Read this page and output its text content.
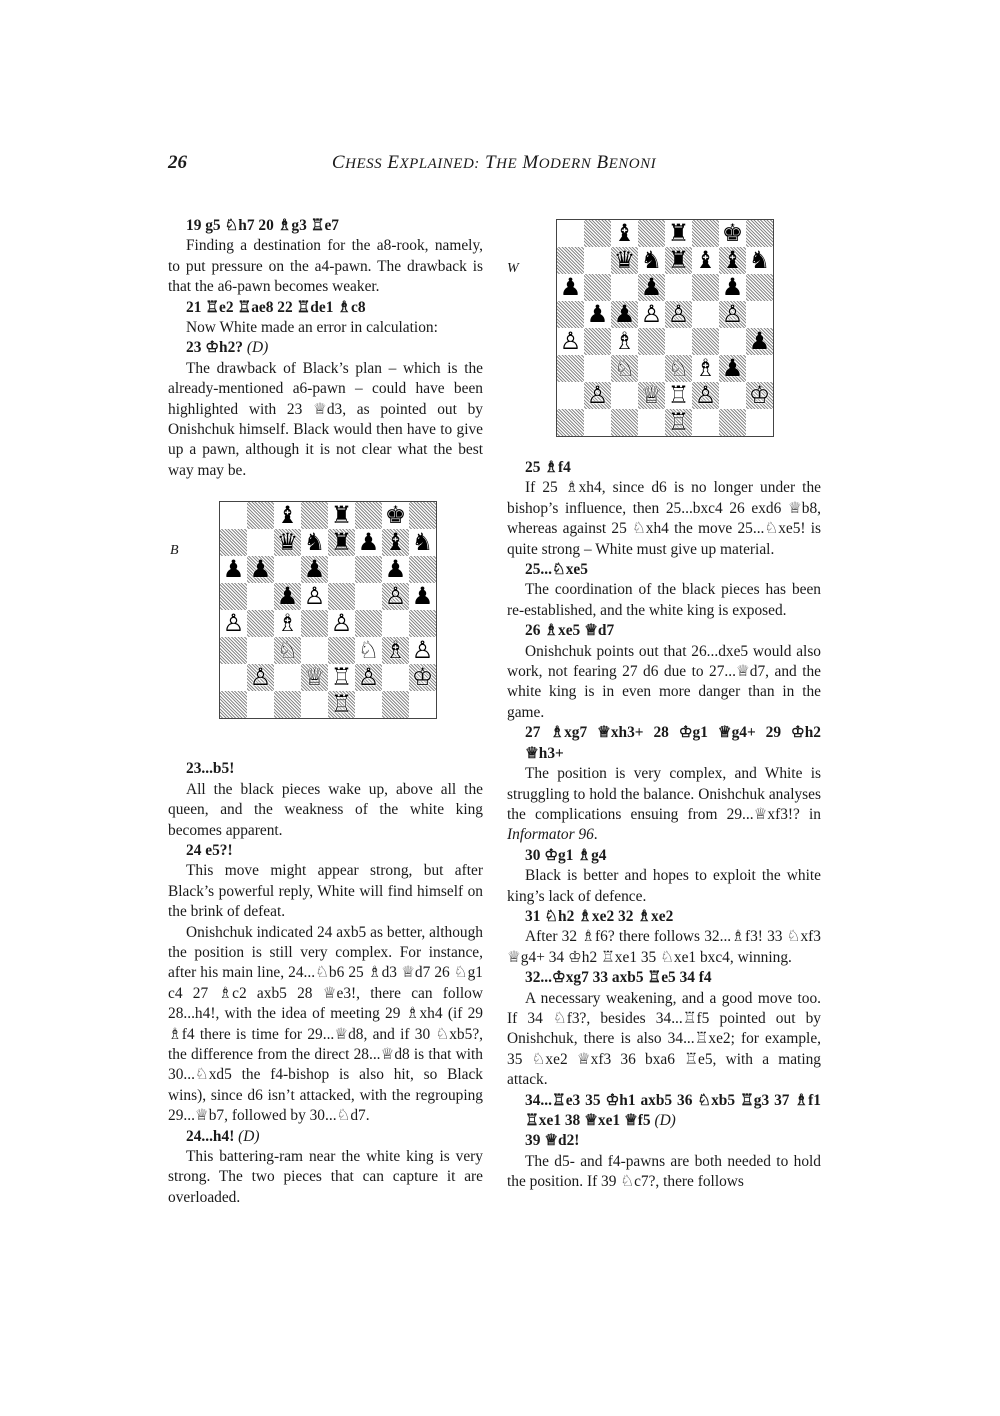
26	CHESS EXPLAINED: THE MODERN BENONI

19 g5 ♘h7 20 ♗g3 ♖e7

Finding a destination for the a8-rook, namely, to put pressure on the a4-pawn. The drawback is that the a6-pawn becomes weaker.

21 ♖e2 ♖ae8 22 ♖de1 ♗c8

Now White made an error in calculation:

23 ♔h2? (D)

The drawback of Black’s plan – which is the already-mentioned a6-pawn – could have been highlighted with 23 ♕d3, as pointed out by Onishchuk himself. Black would then have to give up a pawn, although it is not clear what the best way may be.

23...b5!

All the black pieces wake up, above all the queen, and the weakness of the white king becomes apparent.

24 e5?!

This move might appear strong, but after Black’s powerful reply, White will find himself on the brink of defeat.

Onishchuk indicated 24 axb5 as better, although the position is still very complex. For instance, after his main line, 24...♘b6 25 ♗d3 ♕d7 26 ♘g1 c4 27 ♗c2 axb5 28 ♕e3!, there can follow 28...h4!, with the idea of meeting 29 ♗xh4 (if 29 ♗f4 there is time for 29...♕d8, and if 30 ♘xb5?, the difference from the direct 28...♕d8 is that with 30...♘xd5 the f4-bishop is also hit, so Black wins), since d6 isn’t attacked, with the regrouping 29...♕b7, followed by 30...♘d7.

24...h4! (D)

This battering-ram near the white king is very strong. The two pieces that can capture it are overloaded.

25 ♗f4

If 25 ♗xh4, since d6 is no longer under the bishop’s influence, then 25...bxc4 26 exd6 ♕b8, whereas against 25 ♘xh4 the move 25...♘xe5! is quite strong – White must give up material.

25...♘xe5

The coordination of the black pieces has been re-established, and the white king is exposed.

26 ♗xe5 ♕d7

Onishchuk points out that 26...dxe5 would also work, not fearing 27 d6 due to 27...♕d7, and the white king is in even more danger than in the game.

27 ♗xg7 ♕xh3+ 28 ♔g1 ♕g4+ 29 ♔h2 ♕h3+

The position is very complex, and White is struggling to hold the balance. Onishchuk analyses the complications ensuing from 29...♕xf3!? in Informator 96.

30 ♔g1 ♗g4

Black is better and hopes to exploit the white king’s lack of defence.

31 ♘h2 ♗xe2 32 ♗xe2

After 32 ♗f6? there follows 32...♗f3! 33 ♘xf3 ♕g4+ 34 ♔h2 ♖xe1 35 ♘xe1 bxc4, winning.

32...♔xg7 33 axb5 ♖e5 34 f4

A necessary weakening, and a good move too. If 34 ♘f3?, besides 34...♖f5 pointed out by Onishchuk, there is also 34...♖xe2; for example, 35 ♘xe2 ♕xf3 36 bxa6 ♖e5, with a mating attack.

34...♖e3 35 ♔h1 axb5 36 ♘xb5 ♖g3 37 ♗f1 ♖xe1 38 ♕xe1 ♕f5 (D)

39 ♕d2!

The d5- and f4-pawns are both needed to hold the position. If 39 ♘c7?, there follows

W
♝ ♜ ♚
♛ ♞ ♜ ♝ ♝ ♞
♟ ♟ ♟
♟ ♟ ♙ ♙ ♙
♙ ♗	♟
♘ ♘ ♗ ♟
♙ ♕ ♖ ♙ ♔
♖
B
♝ ♜ ♚
♛ ♞ ♜ ♟ ♝ ♞
♟ ♟ ♟ ♟
♟ ♙ ♙ ♟
♙ ♗ ♙
♘ ♘ ♗ ♙
♙ ♕ ♖ ♙ ♔
♖
